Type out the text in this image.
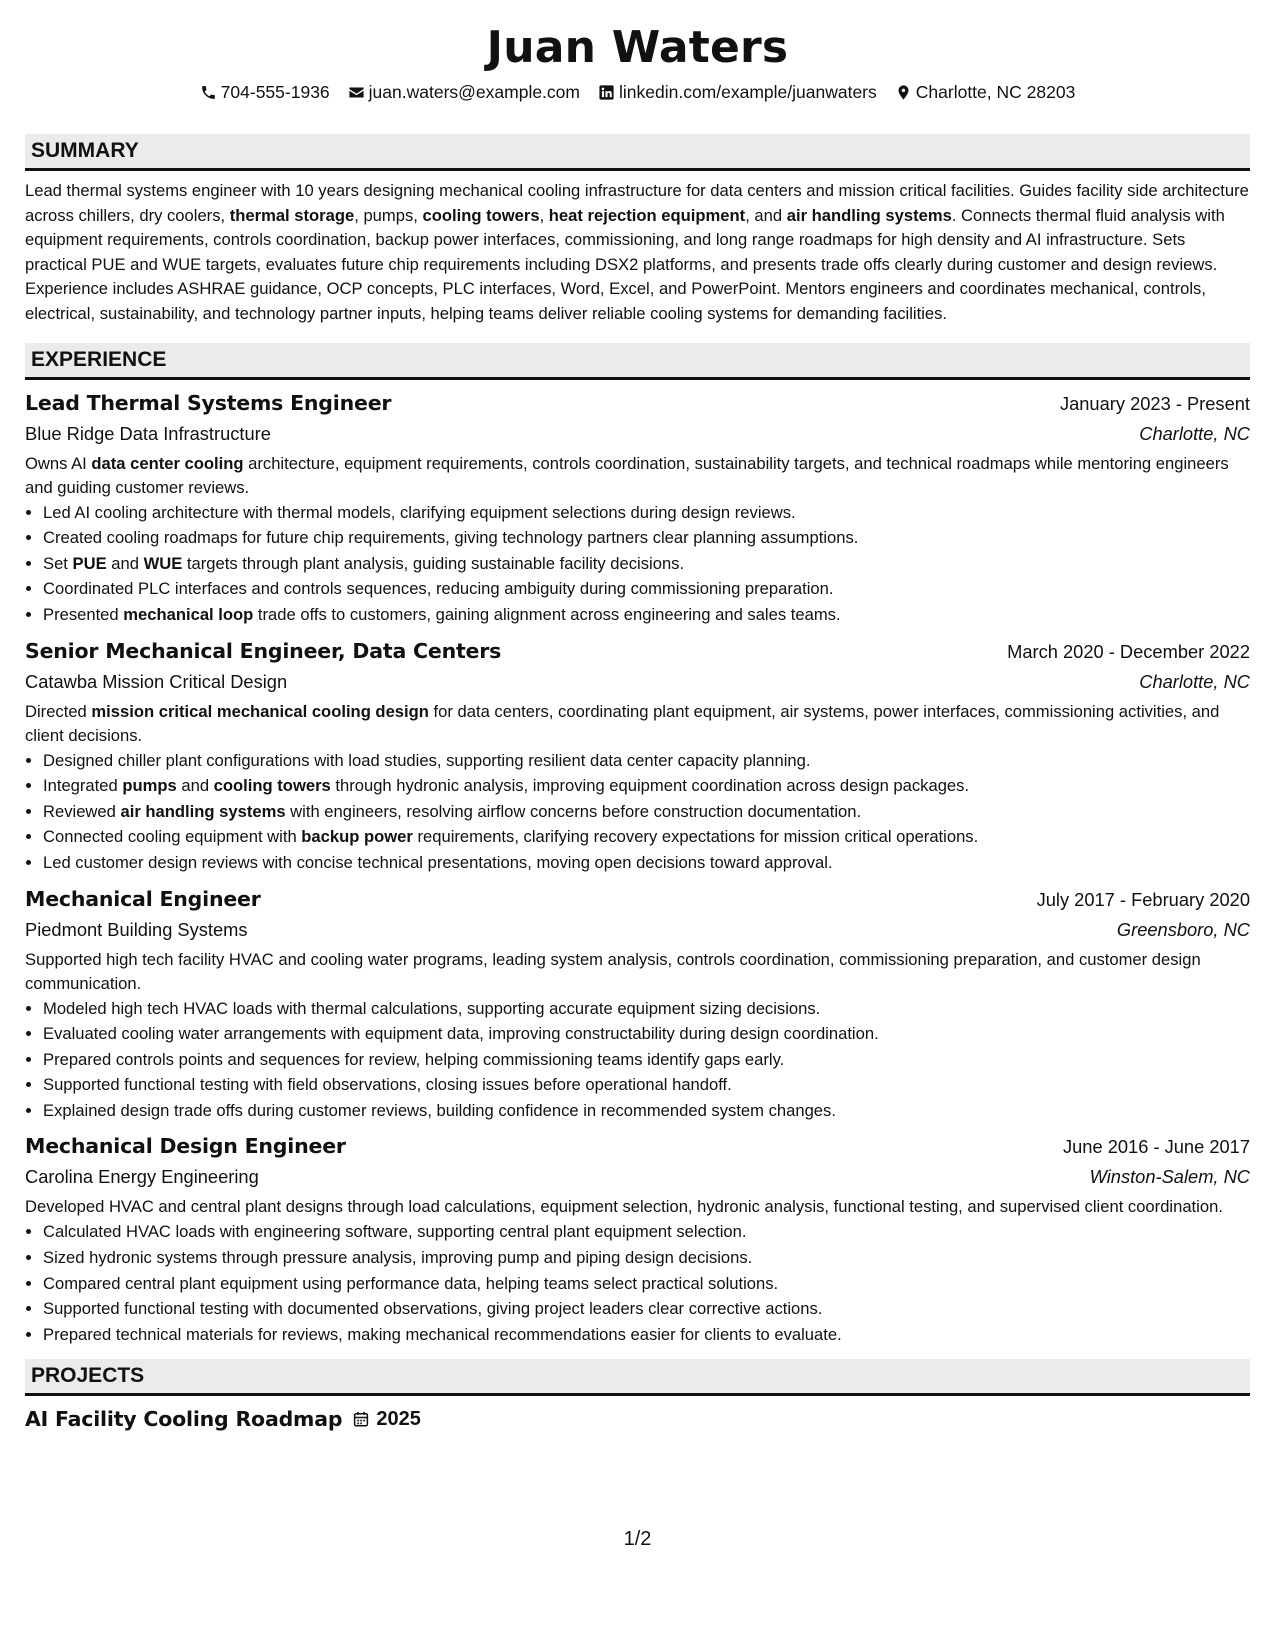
Juan Waters
704-555-1936 juan.waters@example.com linkedin.com/example/juanwaters Charlotte, NC 28203
SUMMARY
Lead thermal systems engineer with 10 years designing mechanical cooling infrastructure for data centers and mission critical facilities. Guides facility side architecture across chillers, dry coolers, thermal storage, pumps, cooling towers, heat rejection equipment, and air handling systems. Connects thermal fluid analysis with equipment requirements, controls coordination, backup power interfaces, commissioning, and long range roadmaps for high density and AI infrastructure. Sets practical PUE and WUE targets, evaluates future chip requirements including DSX2 platforms, and presents trade offs clearly during customer and design reviews. Experience includes ASHRAE guidance, OCP concepts, PLC interfaces, Word, Excel, and PowerPoint. Mentors engineers and coordinates mechanical, controls, electrical, sustainability, and technology partner inputs, helping teams deliver reliable cooling systems for demanding facilities.
EXPERIENCE
Lead Thermal Systems Engineer	January 2023 - Present
Blue Ridge Data Infrastructure	Charlotte, NC
Owns AI data center cooling architecture, equipment requirements, controls coordination, sustainability targets, and technical roadmaps while mentoring engineers and guiding customer reviews.
• Led AI cooling architecture with thermal models, clarifying equipment selections during design reviews.
• Created cooling roadmaps for future chip requirements, giving technology partners clear planning assumptions.
• Set PUE and WUE targets through plant analysis, guiding sustainable facility decisions.
• Coordinated PLC interfaces and controls sequences, reducing ambiguity during commissioning preparation.
• Presented mechanical loop trade offs to customers, gaining alignment across engineering and sales teams.
Senior Mechanical Engineer, Data Centers	March 2020 - December 2022
Catawba Mission Critical Design	Charlotte, NC
Directed mission critical mechanical cooling design for data centers, coordinating plant equipment, air systems, power interfaces, commissioning activities, and client decisions.
• Designed chiller plant configurations with load studies, supporting resilient data center capacity planning.
• Integrated pumps and cooling towers through hydronic analysis, improving equipment coordination across design packages.
• Reviewed air handling systems with engineers, resolving airflow concerns before construction documentation.
• Connected cooling equipment with backup power requirements, clarifying recovery expectations for mission critical operations.
• Led customer design reviews with concise technical presentations, moving open decisions toward approval.
Mechanical Engineer	July 2017 - February 2020
Piedmont Building Systems	Greensboro, NC
Supported high tech facility HVAC and cooling water programs, leading system analysis, controls coordination, commissioning preparation, and customer design communication.
• Modeled high tech HVAC loads with thermal calculations, supporting accurate equipment sizing decisions.
• Evaluated cooling water arrangements with equipment data, improving constructability during design coordination.
• Prepared controls points and sequences for review, helping commissioning teams identify gaps early.
• Supported functional testing with field observations, closing issues before operational handoff.
• Explained design trade offs during customer reviews, building confidence in recommended system changes.
Mechanical Design Engineer	June 2016 - June 2017
Carolina Energy Engineering	Winston-Salem, NC
Developed HVAC and central plant designs through load calculations, equipment selection, hydronic analysis, functional testing, and supervised client coordination.
• Calculated HVAC loads with engineering software, supporting central plant equipment selection.
• Sized hydronic systems through pressure analysis, improving pump and piping design decisions.
• Compared central plant equipment using performance data, helping teams select practical solutions.
• Supported functional testing with documented observations, giving project leaders clear corrective actions.
• Prepared technical materials for reviews, making mechanical recommendations easier for clients to evaluate.
PROJECTS
AI Facility Cooling Roadmap 2025
1/2
